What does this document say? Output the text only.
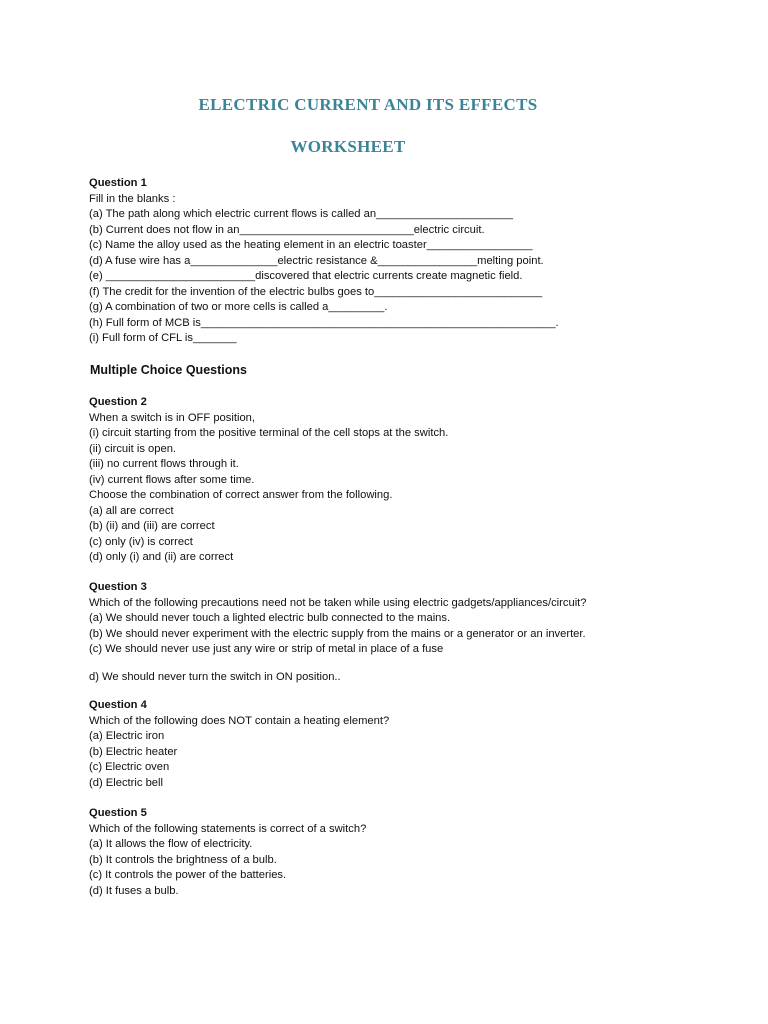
ELECTRIC CURRENT AND ITS EFFECTS
WORKSHEET
Question 1
Fill in the blanks :
(a) The path along which electric current flows is called an______________________
(b) Current does not flow in an____________________________electric circuit.
(c) Name the alloy used as the heating element in an electric toaster_________________
(d) A fuse wire has a______________electric resistance &________________melting point.
(e) ________________________discovered that electric currents create magnetic field.
(f) The credit for the invention of the electric bulbs goes to___________________________
(g) A combination of two or more cells is called a_________.
(h) Full form of MCB is_________________________________________________________.
(i) Full form of CFL is_______
Multiple Choice Questions
Question 2
When a switch is in OFF position,
(i) circuit starting from the positive terminal of the cell stops at the switch.
(ii) circuit is open.
(iii) no current flows through it.
(iv) current flows after some time.
Choose the combination of correct answer from the following.
(a) all are correct
(b) (ii) and (iii) are correct
(c) only (iv) is correct
(d) only (i) and (ii) are correct
Question 3
Which of the following precautions need not be taken while using electric gadgets/appliances/circuit?
(a) We should never touch a lighted electric bulb connected to the mains.
(b) We should never experiment with the electric supply from the mains or a generator or an inverter.
(c) We should never use just any wire or strip of metal in place of a fuse
d) We should never turn the switch in ON position..
Question 4
Which of the following does NOT contain a heating element?
(a) Electric iron
(b) Electric heater
(c) Electric oven
(d) Electric bell
Question 5
Which of the following statements is correct of a switch?
(a) It allows the flow of electricity.
(b) It controls the brightness of a bulb.
(c) It controls the power of the batteries.
(d) It fuses a bulb.
